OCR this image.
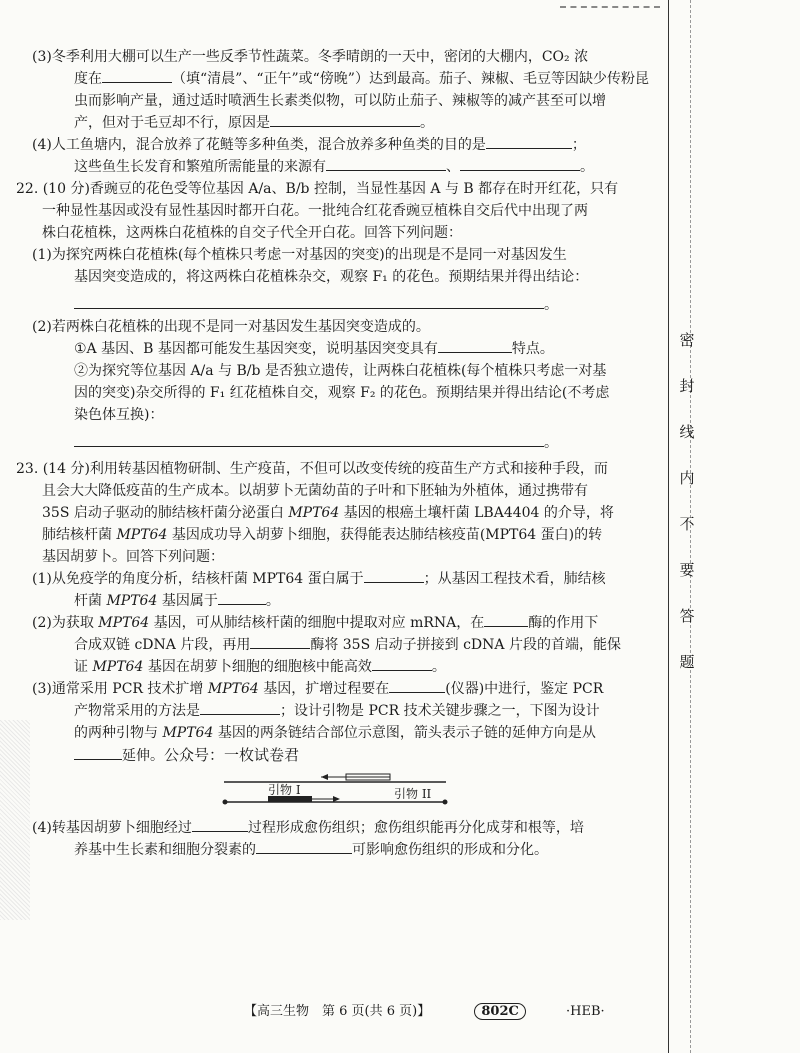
密
封
线
内
不
要
答
题

(3)冬季利用大棚可以生产一些反季节性蔬菜。冬季晴朗的一天中，密闭的大棚内，CO₂ 浓

度在	（填“清晨”、“正午”或“傍晚”）达到最高。茄子、辣椒、毛豆等因缺少传粉昆

虫而影响产量，通过适时喷洒生长素类似物，可以防止茄子、辣椒等的减产甚至可以增

产，但对于毛豆却不行，原因是	。

(4)人工鱼塘内，混合放养了花鲢等多种鱼类，混合放养多种鱼类的目的是	；

这些鱼生长发育和繁殖所需能量的来源有	、	。

22. (10 分)香豌豆的花色受等位基因 A/a、B/b 控制，当显性基因 A 与 B 都存在时开红花，只有

一种显性基因或没有显性基因时都开白花。一批纯合红花香豌豆植株自交后代中出现了两

株白花植株，这两株白花植株的自交子代全开白花。回答下列问题：

(1)为探究两株白花植株(每个植株只考虑一对基因的突变)的出现是不是同一对基因发生

基因突变造成的，将这两株白花植株杂交，观察 F₁ 的花色。预期结果并得出结论：

。

(2)若两株白花植株的出现不是同一对基因发生基因突变造成的。

①A 基因、B 基因都可能发生基因突变，说明基因突变具有	特点。

②为探究等位基因 A/a 与 B/b 是否独立遗传，让两株白花植株(每个植株只考虑一对基

因的突变)杂交所得的 F₁ 红花植株自交，观察 F₂ 的花色。预期结果并得出结论(不考虑

染色体互换)：

。

23. (14 分)利用转基因植物研制、生产疫苗，不但可以改变传统的疫苗生产方式和接种手段，而

且会大大降低疫苗的生产成本。以胡萝卜无菌幼苗的子叶和下胚轴为外植体，通过携带有

35S 启动子驱动的肺结核杆菌分泌蛋白 MPT64 基因的根癌土壤杆菌 LBA4404 的介导，将

肺结核杆菌 MPT64 基因成功导入胡萝卜细胞，获得能表达肺结核疫苗(MPT64 蛋白)的转

基因胡萝卜。回答下列问题：

(1)从免疫学的角度分析，结核杆菌 MPT64 蛋白属于	；从基因工程技术看，肺结核

杆菌 MPT64 基因属于	。

(2)为获取 MPT64 基因，可从肺结核杆菌的细胞中提取对应 mRNA，在	酶的作用下

合成双链 cDNA 片段，再用	酶将 35S 启动子拼接到 cDNA 片段的首端，能保

证 MPT64 基因在胡萝卜细胞的细胞核中能高效	。

(3)通常采用 PCR 技术扩增 MPT64 基因，扩增过程要在	(仪器)中进行，鉴定 PCR

产物常采用的方法是	；设计引物是 PCR 技术关键步骤之一，下图为设计

的两种引物与 MPT64 基因的两条链结合部位示意图，箭头表示子链的延伸方向是从

延伸。公众号：一枚试卷君

引物 I	引物 II

(4)转基因胡萝卜细胞经过	过程形成愈伤组织；愈伤组织能再分化成芽和根等，培

养基中生长素和细胞分裂素的	可影响愈伤组织的形成和分化。

【高三生物　第 6 页(共 6 页)】	802C	·HEB·
